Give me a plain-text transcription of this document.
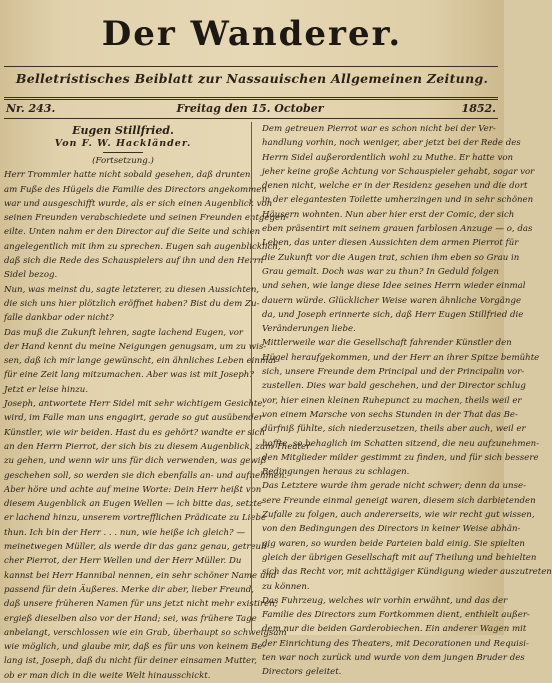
Der Wanderer.
Belletristisches Beiblatt zur Nassauischen Allgemeinen Zeitung.
Nr. 243.	Freitag den 15. October	1852.
Eugen Stillfried.
Von F. W. Hackländer.
(Fortsetzung.)
Herr Trommler hatte nicht sobald gesehen, daß drunten
am Fuße des Hügels die Familie des Directors angekommen
war und ausgeschifft wurde, als er sich einen Augenblick von
seinen Freunden verabschiedete und seinen Freunden entgegen-
eilte. Unten nahm er den Director auf die Seite und schien
angelegentlich mit ihm zu sprechen. Eugen sah augenblicklich,
daß sich die Rede des Schauspielers auf ihn und den Herrn
Sidel bezog.
Nun, was meinst du, sagte letzterer, zu diesen Aussichten,
die sich uns hier plötzlich eröffnet haben? Bist du dem Zu-
falle dankbar oder nicht?
Das muß die Zukunft lehren, sagte lachend Eugen, vor
der Hand kennt du meine Neigungen genugsam, um zu wis-
sen, daß ich mir lange gewünscht, ein ähnliches Leben einmal
für eine Zeit lang mitzumachen. Aber was ist mit Joseph?
Jetzt er leise hinzu.
Joseph, antwortete Herr Sidel mit sehr wichtigem Gesichte,
wird, im Falle man uns engagirt, gerade so gut ausübender
Künstler, wie wir beiden. Hast du es gehört? wandte er sich
an den Herrn Pierrot, der sich bis zu diesem Augenblick, zum Theater
zu gehen, und wenn wir uns für dich verwenden, was gewiß
geschehen soll, so werden sie dich ebenfalls an- und aufnehmen.
Aber höre und achte auf meine Worte: Dein Herr heißt von
diesem Augenblick an Eugen Wellen — ich bitte das, setzte
er lachend hinzu, unserem vortrefflichen Prädicate zu Liebe
thun. Ich bin der Herr . . . nun, wie heiße ich gleich? —
meinetwegen Müller, als werde dir das ganz genau, getreuli-
cher Pierrot, der Herr Wellen und der Herr Müller. Du
kannst bei Herr Hannibal nennen, ein sehr schöner Name und
passend für dein Äußeres. Merke dir aber, lieber Freund,
daß unsere früheren Namen für uns jetzt nicht mehr existiren;
ergieß dieselben also vor der Hand; sei, was frühere Tage
anbelangt, verschlossen wie ein Grab, überhaupt so schweigsam
wie möglich, und glaube mir, daß es für uns von keinem Be-
lang ist, Joseph, daß du nicht für deiner einsamen Mutter,
ob er man dich in die weite Welt hinausschickt.
Dem getreuen Pierrot war es schon nicht bei der Ver-
handlung vorhin, noch weniger, aber jetzt bei der Rede des
Herrn Sidel außerordentlich wohl zu Muthe. Er hatte von
jeher keine große Achtung vor Schauspieler gehabt, sogar vor
denen nicht, welche er in der Residenz gesehen und die dort
in der elegantesten Toilette umherzingen und in sehr schönen
Häusern wohnten. Nun aber hier erst der Comic, der sich
eben präsentirt mit seinem grauen farblosen Anzuge — o, das
Leben, das unter diesen Aussichten dem armen Pierrot für
die Zukunft vor die Augen trat, schien ihm eben so Grau in
Grau gemalt. Doch was war zu thun? In Geduld folgen
und sehen, wie lange diese Idee seines Herrn wieder einmal
dauern würde. Glücklicher Weise waren ähnliche Vorgänge
da, und Joseph erinnerte sich, daß Herr Eugen Stillfried die
Veränderungen liebe.
Mittlerweile war die Gesellschaft fahrender Künstler den
Hügel heraufgekommen, und der Herr an ihrer Spitze bemühte
sich, unsere Freunde dem Principal und der Principalin vor-
zustellen. Dies war bald geschehen, und der Director schlug
vor, hier einen kleinen Ruhepunct zu machen, theils weil er
von einem Marsche von sechs Stunden in der That das Be-
dürfniß fühlte, sich niederzusetzen, theils aber auch, weil er
hoffte, so behaglich im Schatten sitzend, die neu aufzunehmen-
den Mitglieder milder gestimmt zu finden, und für sich bessere
Bedingungen heraus zu schlagen.
Das Letztere wurde ihm gerade nicht schwer; denn da unse-
sere Freunde einmal geneigt waren, diesem sich darbietenden
Zufalle zu folgen, auch andererseits, wie wir recht gut wissen,
von den Bedingungen des Directors in keiner Weise abhän-
gig waren, so wurden beide Parteien bald einig. Sie spielten
gleich der übrigen Gesellschaft mit auf Theilung und behielten
sich das Recht vor, mit achttägiger Kündigung wieder auszutreten
zu können.
Das Fuhrzeug, welches wir vorhin erwähnt, und das der
Familie des Directors zum Fortkommen dient, enthielt außer-
dem nur die beiden Garderobiechen. Ein anderer Wagen mit
der Einrichtung des Theaters, mit Decorationen und Requisi-
ten war noch zurück und wurde von dem jungen Bruder des
Directors geleitet.
